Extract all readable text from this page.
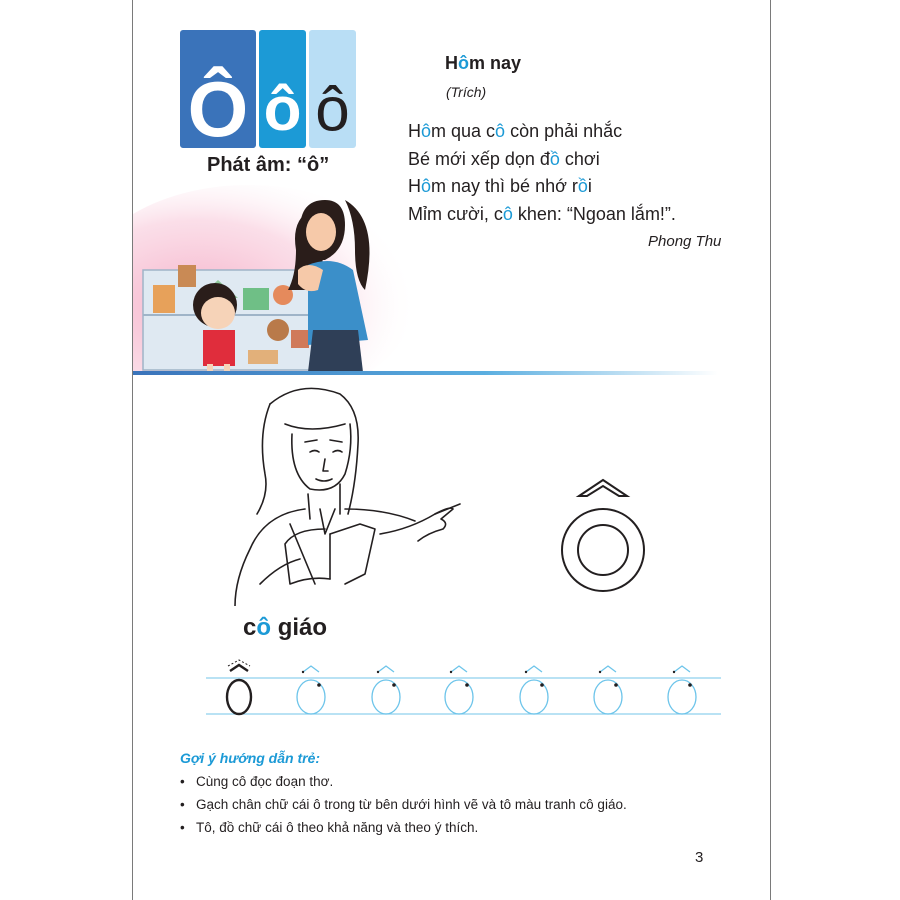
Ô ô ô
Phát âm: “ô”
Hôm nay
(Trích)
Hôm qua cô còn phải nhắc
Bé mới xếp dọn đồ chơi
Hôm nay thì bé nhớ rồi
Mỉm cười, cô khen: “Ngoan lắm!”.
Phong Thu
cô giáo
Gợi ý hướng dẫn trẻ:
• Cùng cô đọc đoạn thơ.
• Gạch chân chữ cái ô trong từ bên dưới hình vẽ và tô màu tranh cô giáo.
• Tô, đồ chữ cái ô theo khả năng và theo ý thích.
3
